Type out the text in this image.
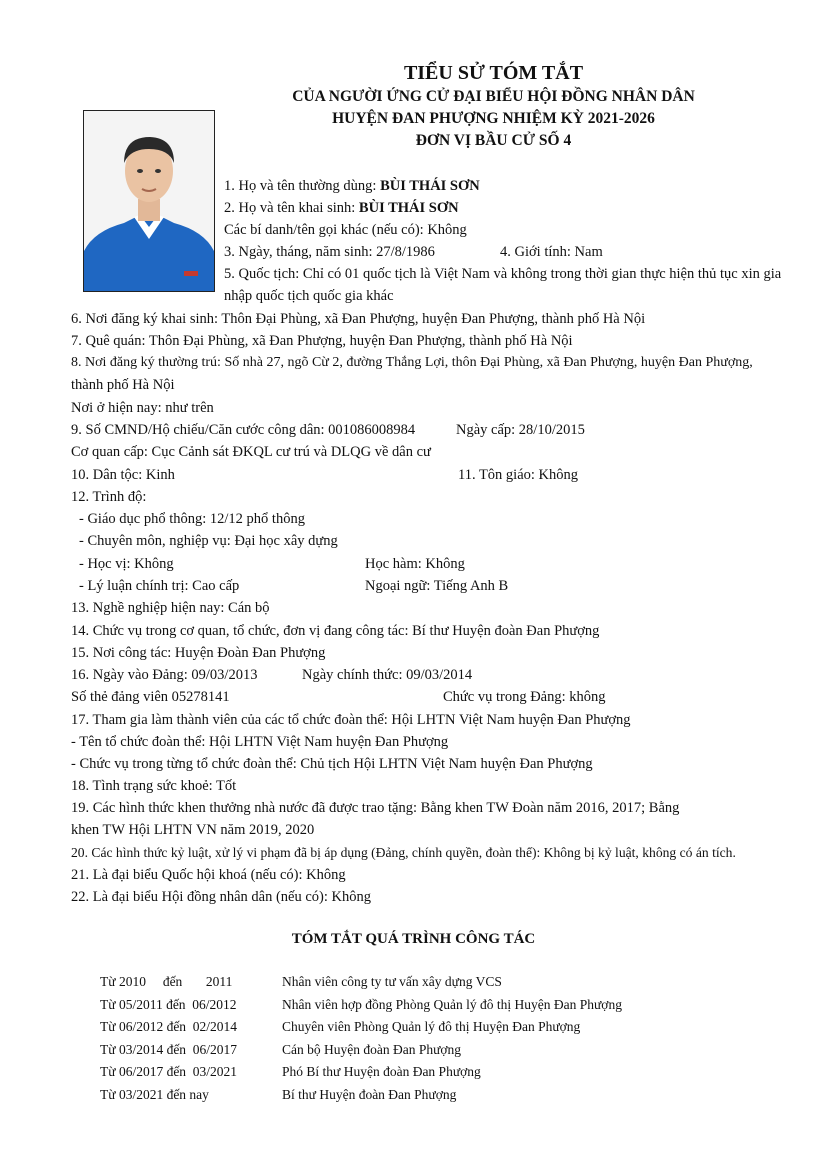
TIỂU SỬ TÓM TẮT
CỦA NGƯỜI ỨNG CỬ ĐẠI BIỂU HỘI ĐỒNG NHÂN DÂN
HUYỆN ĐAN PHƯỢNG NHIỆM KỲ 2021-2026
ĐƠN VỊ BẦU CỬ SỐ 4
1. Họ và tên thường dùng: BÙI THÁI SƠN
2. Họ và tên khai sinh: BÙI THÁI SƠN
Các bí danh/tên gọi khác (nếu có): Không
3. Ngày, tháng, năm sinh: 27/8/1986	4. Giới tính: Nam
5. Quốc tịch: Chỉ có 01 quốc tịch là Việt Nam và không trong thời gian thực hiện thủ tục xin gia
nhập quốc tịch quốc gia khác
6. Nơi đăng ký khai sinh: Thôn Đại Phùng, xã Đan Phượng, huyện Đan Phượng, thành phố Hà Nội
7. Quê quán: Thôn Đại Phùng, xã Đan Phượng, huyện Đan Phượng, thành phố Hà Nội
8. Nơi đăng ký thường trú: Số nhà 27, ngõ Cừ 2, đường Thắng Lợi, thôn Đại Phùng, xã Đan Phượng, huyện Đan Phượng,
thành phố Hà Nội
Nơi ở hiện nay: như trên
9. Số CMND/Hộ chiếu/Căn cước công dân: 001086008984	Ngày cấp: 28/10/2015
Cơ quan cấp: Cục Cảnh sát ĐKQL cư trú và DLQG về dân cư
10. Dân tộc: Kinh	11. Tôn giáo: Không
12. Trình độ:
- Giáo dục phổ thông: 12/12 phổ thông
- Chuyên môn, nghiệp vụ: Đại học xây dựng
- Học vị: Không	Học hàm: Không
- Lý luận chính trị: Cao cấp	Ngoại ngữ: Tiếng Anh B
13. Nghề nghiệp hiện nay: Cán bộ
14. Chức vụ trong cơ quan, tổ chức, đơn vị đang công tác: Bí thư Huyện đoàn Đan Phượng
15. Nơi công tác: Huyện Đoàn Đan Phượng
16. Ngày vào Đảng: 09/03/2013	Ngày chính thức: 09/03/2014
Số thẻ đảng viên 05278141	Chức vụ trong Đảng: không
17. Tham gia làm thành viên của các tổ chức đoàn thể: Hội LHTN Việt Nam huyện Đan Phượng
- Tên tổ chức đoàn thể: Hội LHTN Việt Nam huyện Đan Phượng
- Chức vụ trong từng tổ chức đoàn thể: Chủ tịch Hội LHTN Việt Nam huyện Đan Phượng
18. Tình trạng sức khoẻ: Tốt
19. Các hình thức khen thưởng nhà nước đã được trao tặng: Bằng khen TW Đoàn năm 2016, 2017; Bằng
khen TW Hội LHTN VN năm 2019, 2020
20. Các hình thức kỷ luật, xử lý vi phạm đã bị áp dụng (Đảng, chính quyền, đoàn thể): Không bị kỷ luật, không có án tích.
21. Là đại biểu Quốc hội khoá (nếu có): Không
22. Là đại biểu Hội đồng nhân dân (nếu có): Không
TÓM TẮT QUÁ TRÌNH CÔNG TÁC
Từ 2010     đến       2011	Nhân viên công ty tư vấn xây dựng VCS
Từ 05/2011 đến  06/2012	Nhân viên hợp đồng Phòng Quản lý đô thị Huyện Đan Phượng
Từ 06/2012 đến  02/2014	Chuyên viên Phòng Quản lý đô thị Huyện Đan Phượng
Từ 03/2014 đến  06/2017	Cán bộ Huyện đoàn Đan Phượng
Từ 06/2017 đến  03/2021	Phó Bí thư Huyện đoàn Đan Phượng
Từ 03/2021 đến nay	Bí thư Huyện đoàn Đan Phượng
